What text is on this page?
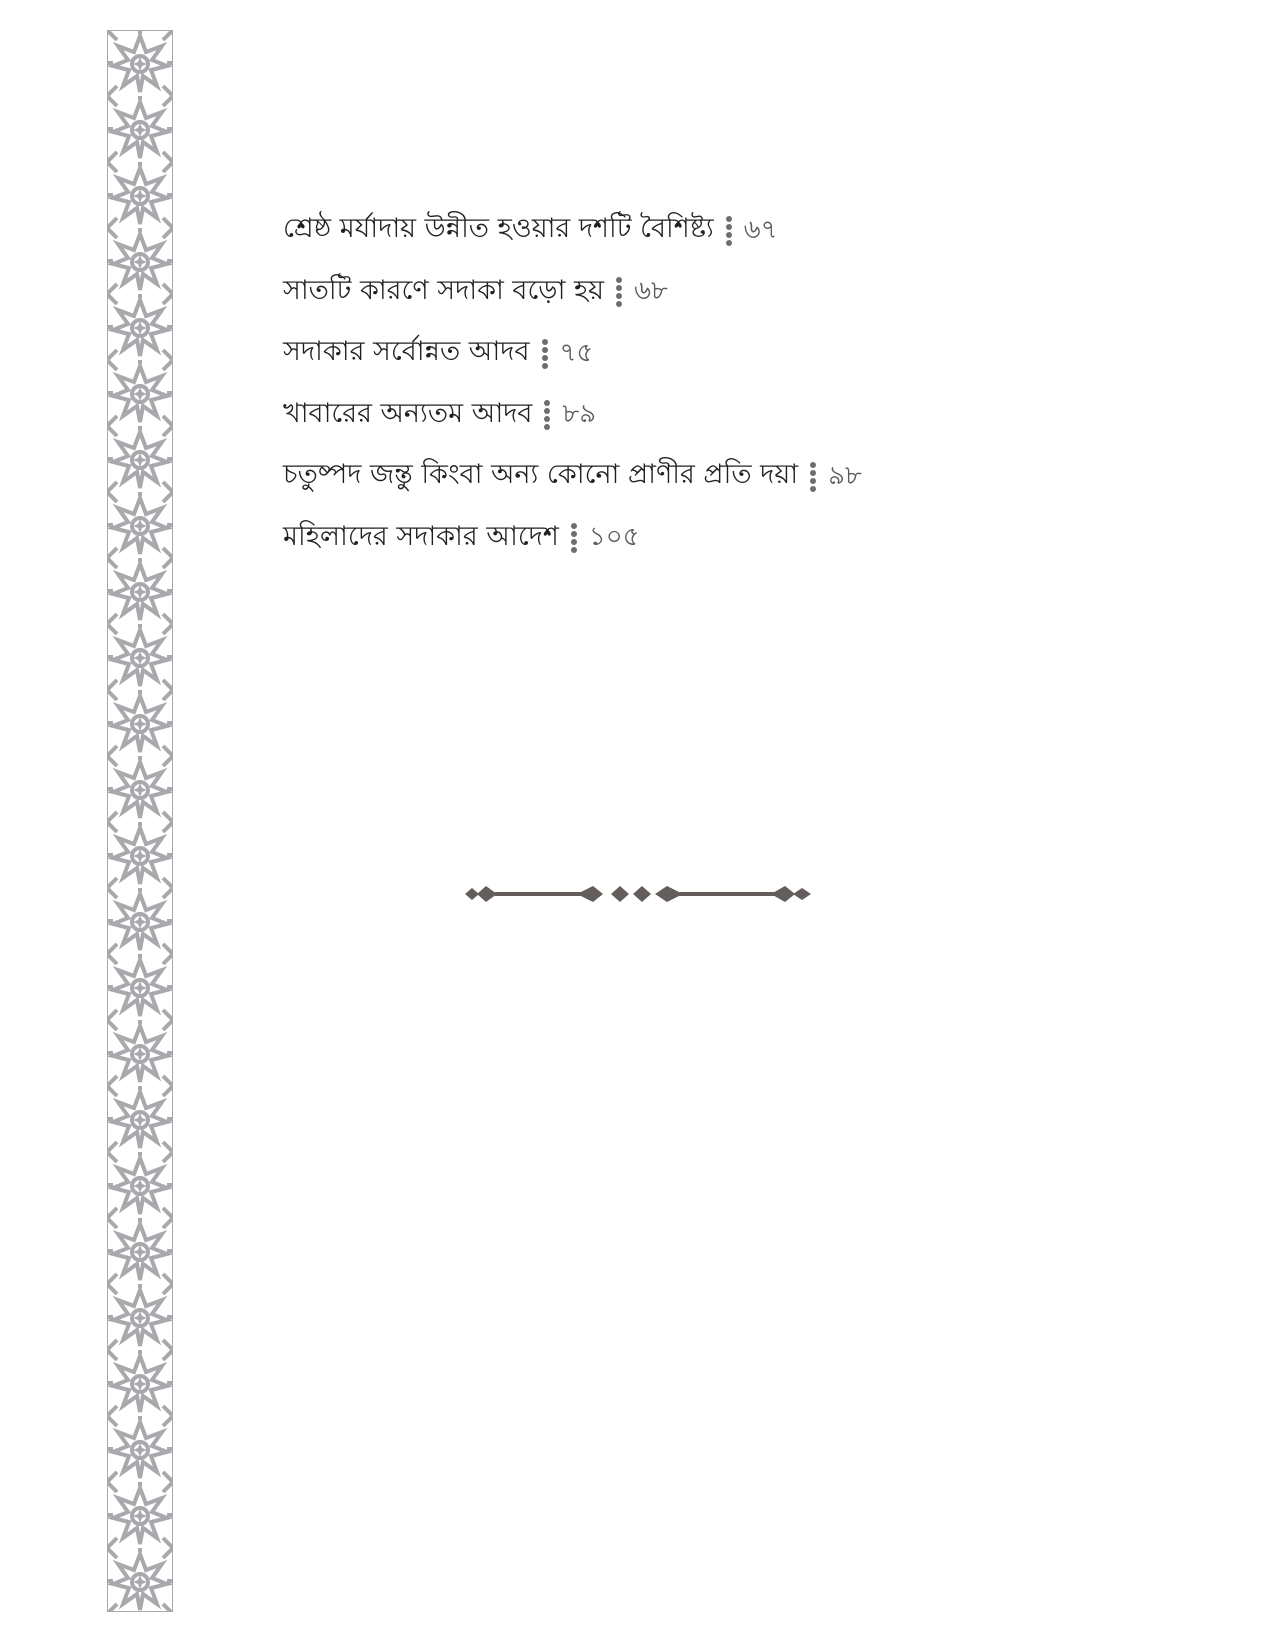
শ্রেষ্ঠ মর্যাদায় উন্নীত হওয়ার দশটি বৈশিষ্ট্য ৬৭
সাতটি কারণে সদাকা বড়ো হয় ৬৮
সদাকার সর্বোন্নত আদব ৭৫
খাবারের অন্যতম আদব ৮৯
চতুষ্পদ জন্তু কিংবা অন্য কোনো প্রাণীর প্রতি দয়া ৯৮
মহিলাদের সদাকার আদেশ ১০৫
